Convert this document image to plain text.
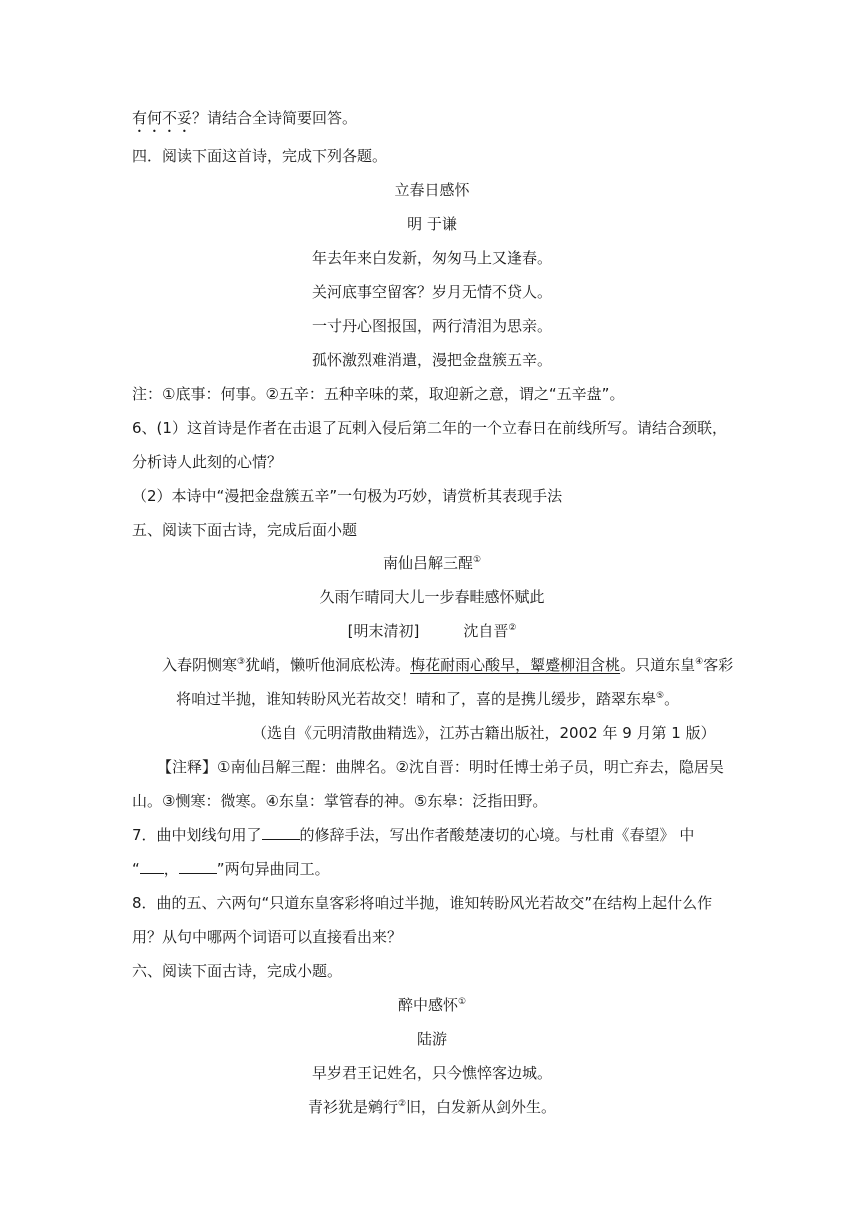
有何不妥？请结合全诗简要回答。
四．阅读下面这首诗，完成下列各题。
立春日感怀
明 于谦
年去年来白发新，匆匆马上又逢春。
关河底事空留客？岁月无情不贷人。
一寸丹心图报国，两行清泪为思亲。
孤怀激烈难消遣，漫把金盘簇五辛。
注：①底事：何事。②五辛：五种辛味的菜，取迎新之意，谓之“五辛盘”。
6、(1）这首诗是作者在击退了瓦剌入侵后第二年的一个立春日在前线所写。请结合颈联，
分析诗人此刻的心情？
（2）本诗中“漫把金盘簇五辛”一句极为巧妙，请赏析其表现手法
五、阅读下面古诗，完成后面小题
南仙吕解三酲①
久雨乍晴同大儿一步春畦感怀赋此
[明末清初]	沈自晋②
入春阴恻寒③犹峭，懒听他洞底松涛。梅花耐雨心酸早，颦蹙柳泪含桃。只道东皇④客彩
将咱过半抛，谁知转盼风光若故交！晴和了，喜的是携儿缓步，踏翠东皋⑤。
（选自《元明清散曲精选》，江苏古籍出版社，2002 年 9 月第 1 版）
【注释】①南仙吕解三酲：曲牌名。②沈自晋：明时任博士弟子员，明亡弃去，隐居吴
山。③恻寒：微寒。④东皇：掌管春的神。⑤东皋：泛指田野。
7．曲中划线句用了	的修辞手法，写出作者酸楚凄切的心境。与杜甫《春望》 中
“ ，	”两句异曲同工。
8．曲的五、六两句“只道东皇客彩将咱过半抛，谁知转盼风光若故交”在结构上起什么作
用？从句中哪两个词语可以直接看出来？
六、阅读下面古诗，完成小题。
醉中感怀①
陆游
早岁君王记姓名，只今憔悴客边城。
青衫犹是鹓行②旧，白发新从剑外生。
